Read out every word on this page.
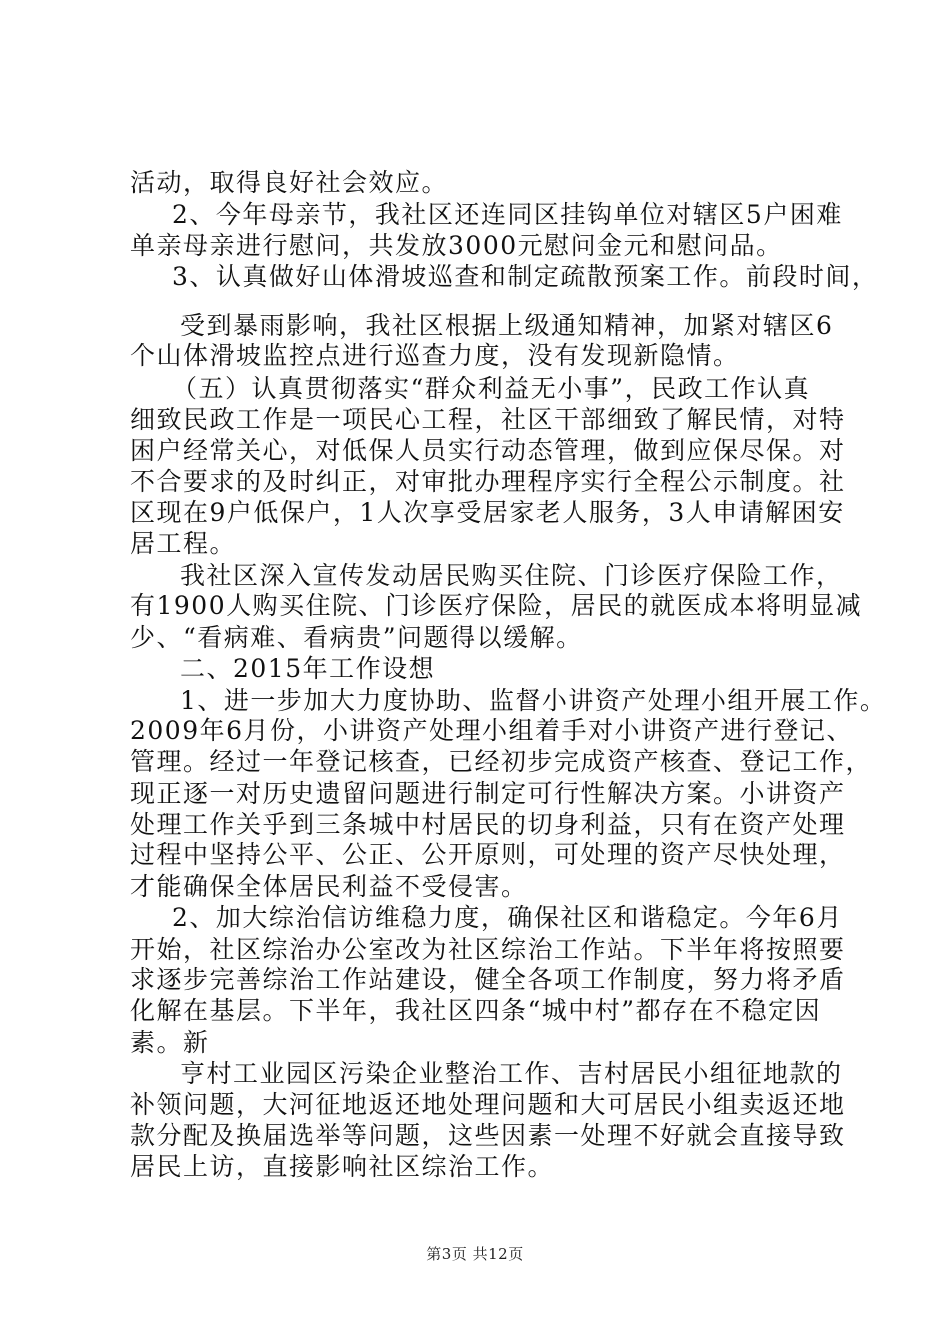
活动，取得良好社会效应。
2、今年母亲节，我社区还连同区挂钩单位对辖区5户困难
单亲母亲进行慰问，共发放3000元慰问金元和慰问品。
3、认真做好山体滑坡巡查和制定疏散预案工作。前段时间，
受到暴雨影响，我社区根据上级通知精神，加紧对辖区6
个山体滑坡监控点进行巡查力度，没有发现新隐情。
（五）认真贯彻落实“群众利益无小事”，民政工作认真
细致民政工作是一项民心工程，社区干部细致了解民情，对特
困户经常关心，对低保人员实行动态管理，做到应保尽保。对
不合要求的及时纠正，对审批办理程序实行全程公示制度。社
区现在9户低保户，1人次享受居家老人服务，3人申请解困安
居工程。
我社区深入宣传发动居民购买住院、门诊医疗保险工作，
有1900人购买住院、门诊医疗保险，居民的就医成本将明显减
少、“看病难、看病贵”问题得以缓解。
二、2015年工作设想
1、进一步加大力度协助、监督小讲资产处理小组开展工作。
2009年6月份，小讲资产处理小组着手对小讲资产进行登记、
管理。经过一年登记核查，已经初步完成资产核查、登记工作，
现正逐一对历史遗留问题进行制定可行性解决方案。小讲资产
处理工作关乎到三条城中村居民的切身利益，只有在资产处理
过程中坚持公平、公正、公开原则，可处理的资产尽快处理，
才能确保全体居民利益不受侵害。
2、加大综治信访维稳力度，确保社区和谐稳定。今年6月
开始，社区综治办公室改为社区综治工作站。下半年将按照要
求逐步完善综治工作站建设，健全各项工作制度，努力将矛盾
化解在基层。下半年，我社区四条“城中村”都存在不稳定因
素。新
亨村工业园区污染企业整治工作、吉村居民小组征地款的
补领问题，大河征地返还地处理问题和大可居民小组卖返还地
款分配及换届选举等问题，这些因素一处理不好就会直接导致
居民上访，直接影响社区综治工作。
第3页 共12页
